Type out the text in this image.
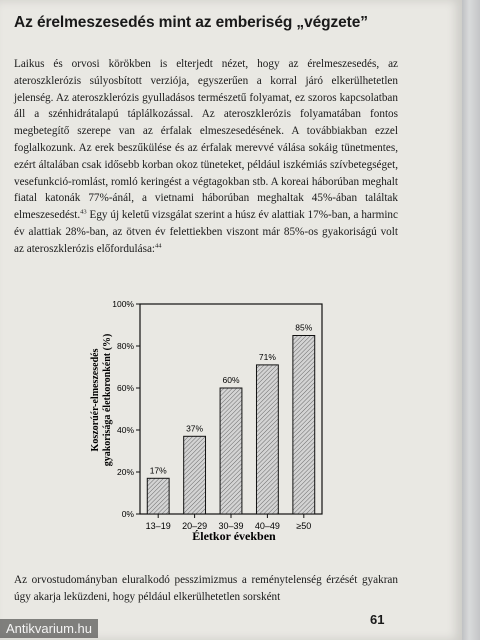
Az érelmeszesedés mint az emberiség „végzete”

Laikus és orvosi körökben is elterjedt nézet, hogy az érelmeszesedés, az ateroszklerózis súlyosbított verziója, egyszerűen a korral járó elkerülhetetlen jelenség. Az ateroszklerózis gyulladásos természetű folyamat, ez szoros kapcsolatban áll a szénhidrátalapú táplálkozással. Az ateroszklerózis folyamatában fontos megbetegítő szerepe van az érfalak elmeszesedésének. A továbbiakban ezzel foglalkozunk. Az erek beszűkülése és az érfalak merevvé válása sokáig tünetmentes, ezért általában csak idősebb korban okoz tüneteket, például iszkémiás szívbetegséget, vesefunkció-romlást, romló keringést a végtagokban stb. A koreai háborúban meghalt fiatal katonák 77%-ánál, a vietnami háborúban meghaltak 45%-ában találtak elmeszesedést.$^{43}$ Egy új keletű vizsgálat szerint a húsz év alattiak 17%-ban, a harminc év alattiak 28%-ban, az ötven év felettiekben viszont már 85%-os gyakoriságú volt az ateroszklerózis előfordulása:$^{44}$

0%
20%
40%
60%
80%
100%
13–19 20–29 30–39 40–49 ≥50
17%
37%
60%
71%
85%
Koszorúér-elmeszesedés gyakorisága életkoronként (%)
Életkor években

Az orvostudományban eluralkodó pesszimizmus a reménytelenség érzését gyakran úgy akarja leküzdeni, hogy például elkerülhetetlen sorsként

61
Antikvarium.hu
